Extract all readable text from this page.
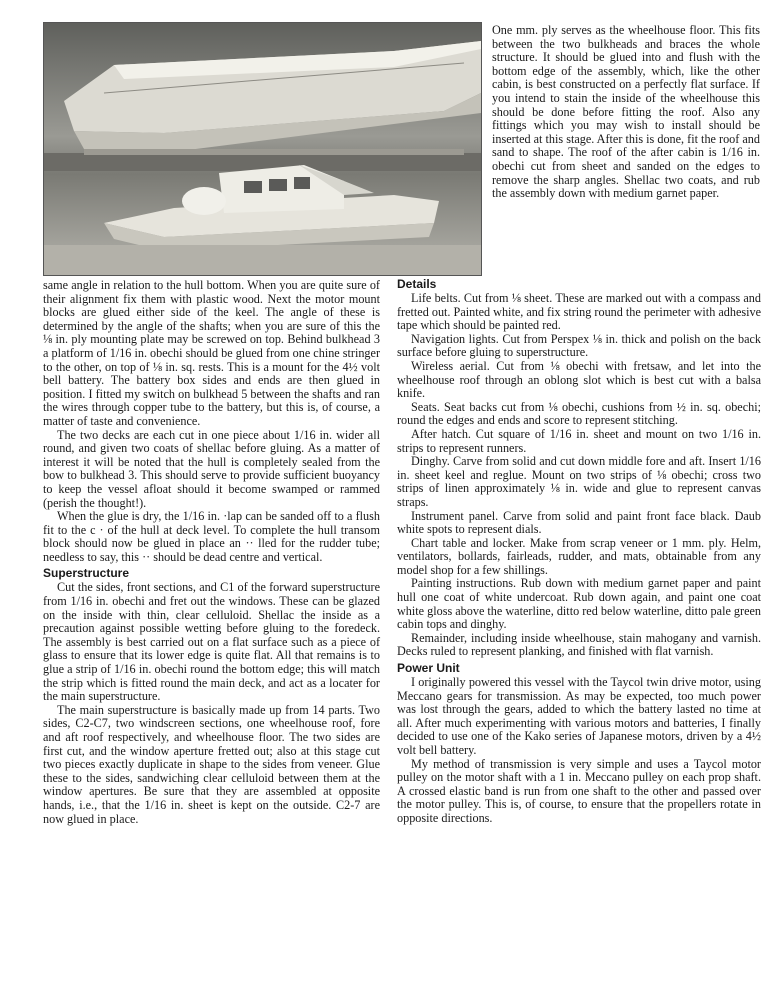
One mm. ply serves as the wheelhouse floor. This fits between the two bulkheads and braces the whole structure. It should be glued into and flush with the bottom edge of the assembly, which, like the other cabin, is best constructed on a perfectly flat surface. If you intend to stain the inside of the wheelhouse this should be done before fitting the roof. Also any fittings which you may wish to install should be inserted at this stage. After this is done, fit the roof and sand to shape. The roof of the after cabin is 1/16 in. obechi cut from sheet and sanded on the edges to remove the sharp angles. Shellac two coats, and rub the assembly down with medium garnet paper.

same angle in relation to the hull bottom. When you are quite sure of their alignment fix them with plastic wood. Next the motor mount blocks are glued either side of the keel. The angle of these is determined by the angle of the shafts; when you are sure of this the ⅛ in. ply mounting plate may be screwed on top. Behind bulkhead 3 a platform of 1/16 in. obechi should be glued from one chine stringer to the other, on top of ⅛ in. sq. rests. This is a mount for the 4½ volt bell battery. The battery box sides and ends are then glued in position. I fitted my switch on bulkhead 5 between the shafts and ran the wires through copper tube to the battery, but this is, of course, a matter of taste and convenience.

The two decks are each cut in one piece about 1/16 in. wider all round, and given two coats of shellac before gluing. As a matter of interest it will be noted that the hull is completely sealed from the bow to bulkhead 3. This should serve to provide sufficient buoyancy to keep the vessel afloat should it become swamped or rammed (perish the thought!).

When the glue is dry, the 1/16 in. ·lap can be sanded off to a flush fit to the c · of the hull at deck level. To complete the hull transom block should now be glued in place an ·· lled for the rudder tube; needless to say, this ·· should be dead centre and vertical.

Superstructure

Cut the sides, front sections, and C1 of the forward superstructure from 1/16 in. obechi and fret out the windows. These can be glazed on the inside with thin, clear celluloid. Shellac the inside as a precaution against possible wetting before gluing to the foredeck. The assembly is best carried out on a flat surface such as a piece of glass to ensure that its lower edge is quite flat. All that remains is to glue a strip of 1/16 in. obechi round the bottom edge; this will match the strip which is fitted round the main deck, and act as a locater for the main superstructure.

The main superstructure is basically made up from 14 parts. Two sides, C2-C7, two windscreen sections, one wheelhouse roof, fore and aft roof respectively, and wheelhouse floor. The two sides are first cut, and the window aperture fretted out; also at this stage cut two pieces exactly duplicate in shape to the sides from veneer. Glue these to the sides, sandwiching clear celluloid between them at the window apertures. Be sure that they are assembled at opposite hands, i.e., that the 1/16 in. sheet is kept on the outside. C2-7 are now glued in place.

Details

Life belts. Cut from ⅛ sheet. These are marked out with a compass and fretted out. Painted white, and fix string round the perimeter with adhesive tape which should be painted red.

Navigation lights. Cut from Perspex ⅛ in. thick and polish on the back surface before gluing to superstructure.

Wireless aerial. Cut from ⅛ obechi with fretsaw, and let into the wheelhouse roof through an oblong slot which is best cut with a balsa knife.

Seats. Seat backs cut from ⅛ obechi, cushions from ½ in. sq. obechi; round the edges and ends and score to represent stitching.

After hatch. Cut square of 1/16 in. sheet and mount on two 1/16 in. strips to represent runners.

Dinghy. Carve from solid and cut down middle fore and aft. Insert 1/16 in. sheet keel and reglue. Mount on two strips of ⅛ obechi; cross two strips of linen approximately ⅛ in. wide and glue to represent canvas straps.

Instrument panel. Carve from solid and paint front face black. Daub white spots to represent dials.

Chart table and locker. Make from scrap veneer or 1 mm. ply. Helm, ventilators, bollards, fairleads, rudder, and mats, obtainable from any model shop for a few shillings.

Painting instructions. Rub down with medium garnet paper and paint hull one coat of white undercoat. Rub down again, and paint one coat white gloss above the waterline, ditto red below waterline, ditto pale green cabin tops and dinghy.

Remainder, including inside wheelhouse, stain mahogany and varnish. Decks ruled to represent planking, and finished with flat varnish.

Power Unit

I originally powered this vessel with the Taycol twin drive motor, using Meccano gears for transmission. As may be expected, too much power was lost through the gears, added to which the battery lasted no time at all. After much experimenting with various motors and batteries, I finally decided to use one of the Kako series of Japanese motors, driven by a 4½ volt bell battery.

My method of transmission is very simple and uses a Taycol motor pulley on the motor shaft with a 1 in. Meccano pulley on each prop shaft. A crossed elastic band is run from one shaft to the other and passed over the motor pulley. This is, of course, to ensure that the propellers rotate in opposite directions.
